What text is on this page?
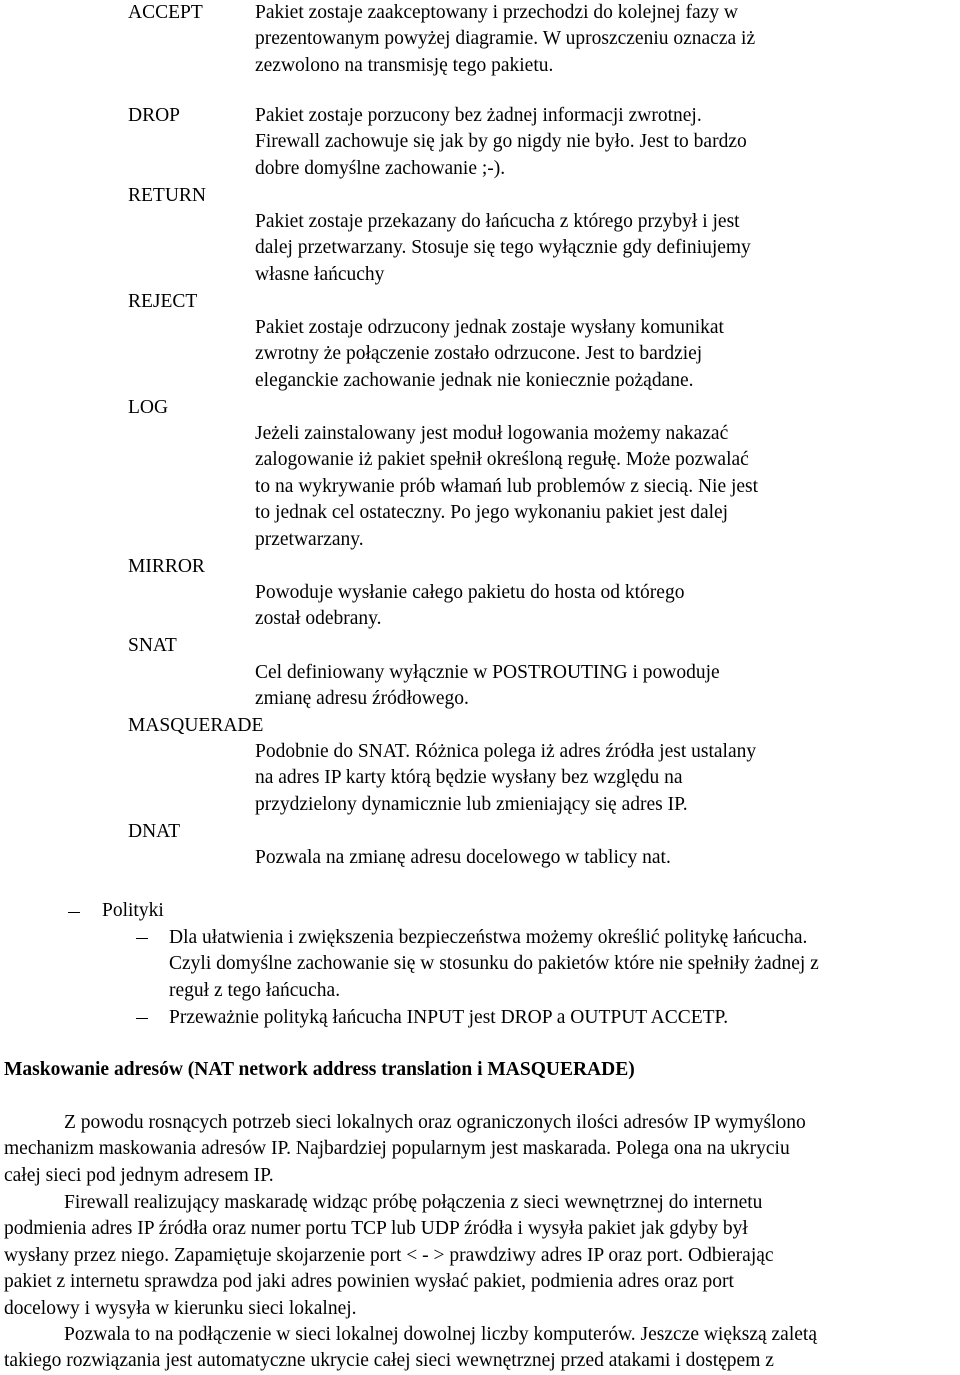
ACCEPT
DROP
RETURN
REJECT
LOG
MIRROR
SNAT
MASQUERADE
DNAT
Pakiet zostaje zaakceptowany i przechodzi do kolejnej fazy w
prezentowanym powyżej diagramie. W uproszczeniu oznacza iż
zezwolono na transmisję tego pakietu.
Pakiet zostaje porzucony bez żadnej informacji zwrotnej.
Firewall zachowuje się jak by go nigdy nie było. Jest to bardzo
dobre domyślne zachowanie ;-).
Pakiet zostaje przekazany do łańcucha z którego przybył i jest
dalej przetwarzany. Stosuje się tego wyłącznie gdy definiujemy
własne łańcuchy
Pakiet zostaje odrzucony jednak zostaje wysłany komunikat
zwrotny że połączenie zostało odrzucone. Jest to bardziej
eleganckie zachowanie jednak nie koniecznie pożądane.
Jeżeli zainstalowany jest moduł logowania możemy nakazać
zalogowanie iż pakiet spełnił określoną regułę. Może pozwalać
to na wykrywanie prób włamań lub problemów z siecią. Nie jest
to jednak cel ostateczny. Po jego wykonaniu pakiet jest dalej
przetwarzany.
Powoduje wysłanie całego pakietu do hosta od którego
został odebrany.
Cel definiowany wyłącznie w POSTROUTING i powoduje
zmianę adresu źródłowego.
Podobnie do SNAT. Różnica polega iż adres źródła jest ustalany
na adres IP karty którą będzie wysłany bez względu na
przydzielony dynamicznie lub zmieniający się adres IP.
Pozwala na zmianę adresu docelowego w tablicy nat.
Polityki
Dla ułatwienia i zwiększenia bezpieczeństwa możemy określić politykę łańcucha.
Czyli domyślne zachowanie się w stosunku do pakietów które nie spełniły żadnej z
reguł z tego łańcucha.
Przeważnie polityką łańcucha INPUT jest DROP a OUTPUT ACCETP.
Maskowanie adresów (NAT network address translation i MASQUERADE)
Z powodu rosnących potrzeb sieci lokalnych oraz ograniczonych ilości adresów IP wymyślono
mechanizm maskowania adresów IP. Najbardziej popularnym jest maskarada. Polega ona na ukryciu
całej sieci pod jednym adresem IP.
Firewall realizujący maskaradę widząc próbę połączenia z sieci wewnętrznej do internetu
podmienia adres IP źródła oraz numer portu TCP lub UDP źródła i wysyła pakiet jak gdyby był
wysłany przez niego. Zapamiętuje skojarzenie port < - > prawdziwy adres IP oraz port. Odbierając
pakiet z internetu sprawdza pod jaki adres powinien wysłać pakiet, podmienia adres oraz port
docelowy i wysyła w kierunku sieci lokalnej.
Pozwala to na podłączenie w sieci lokalnej dowolnej liczby komputerów. Jeszcze większą zaletą
takiego rozwiązania jest automatyczne ukrycie całej sieci wewnętrznej przed atakami i dostępem z
